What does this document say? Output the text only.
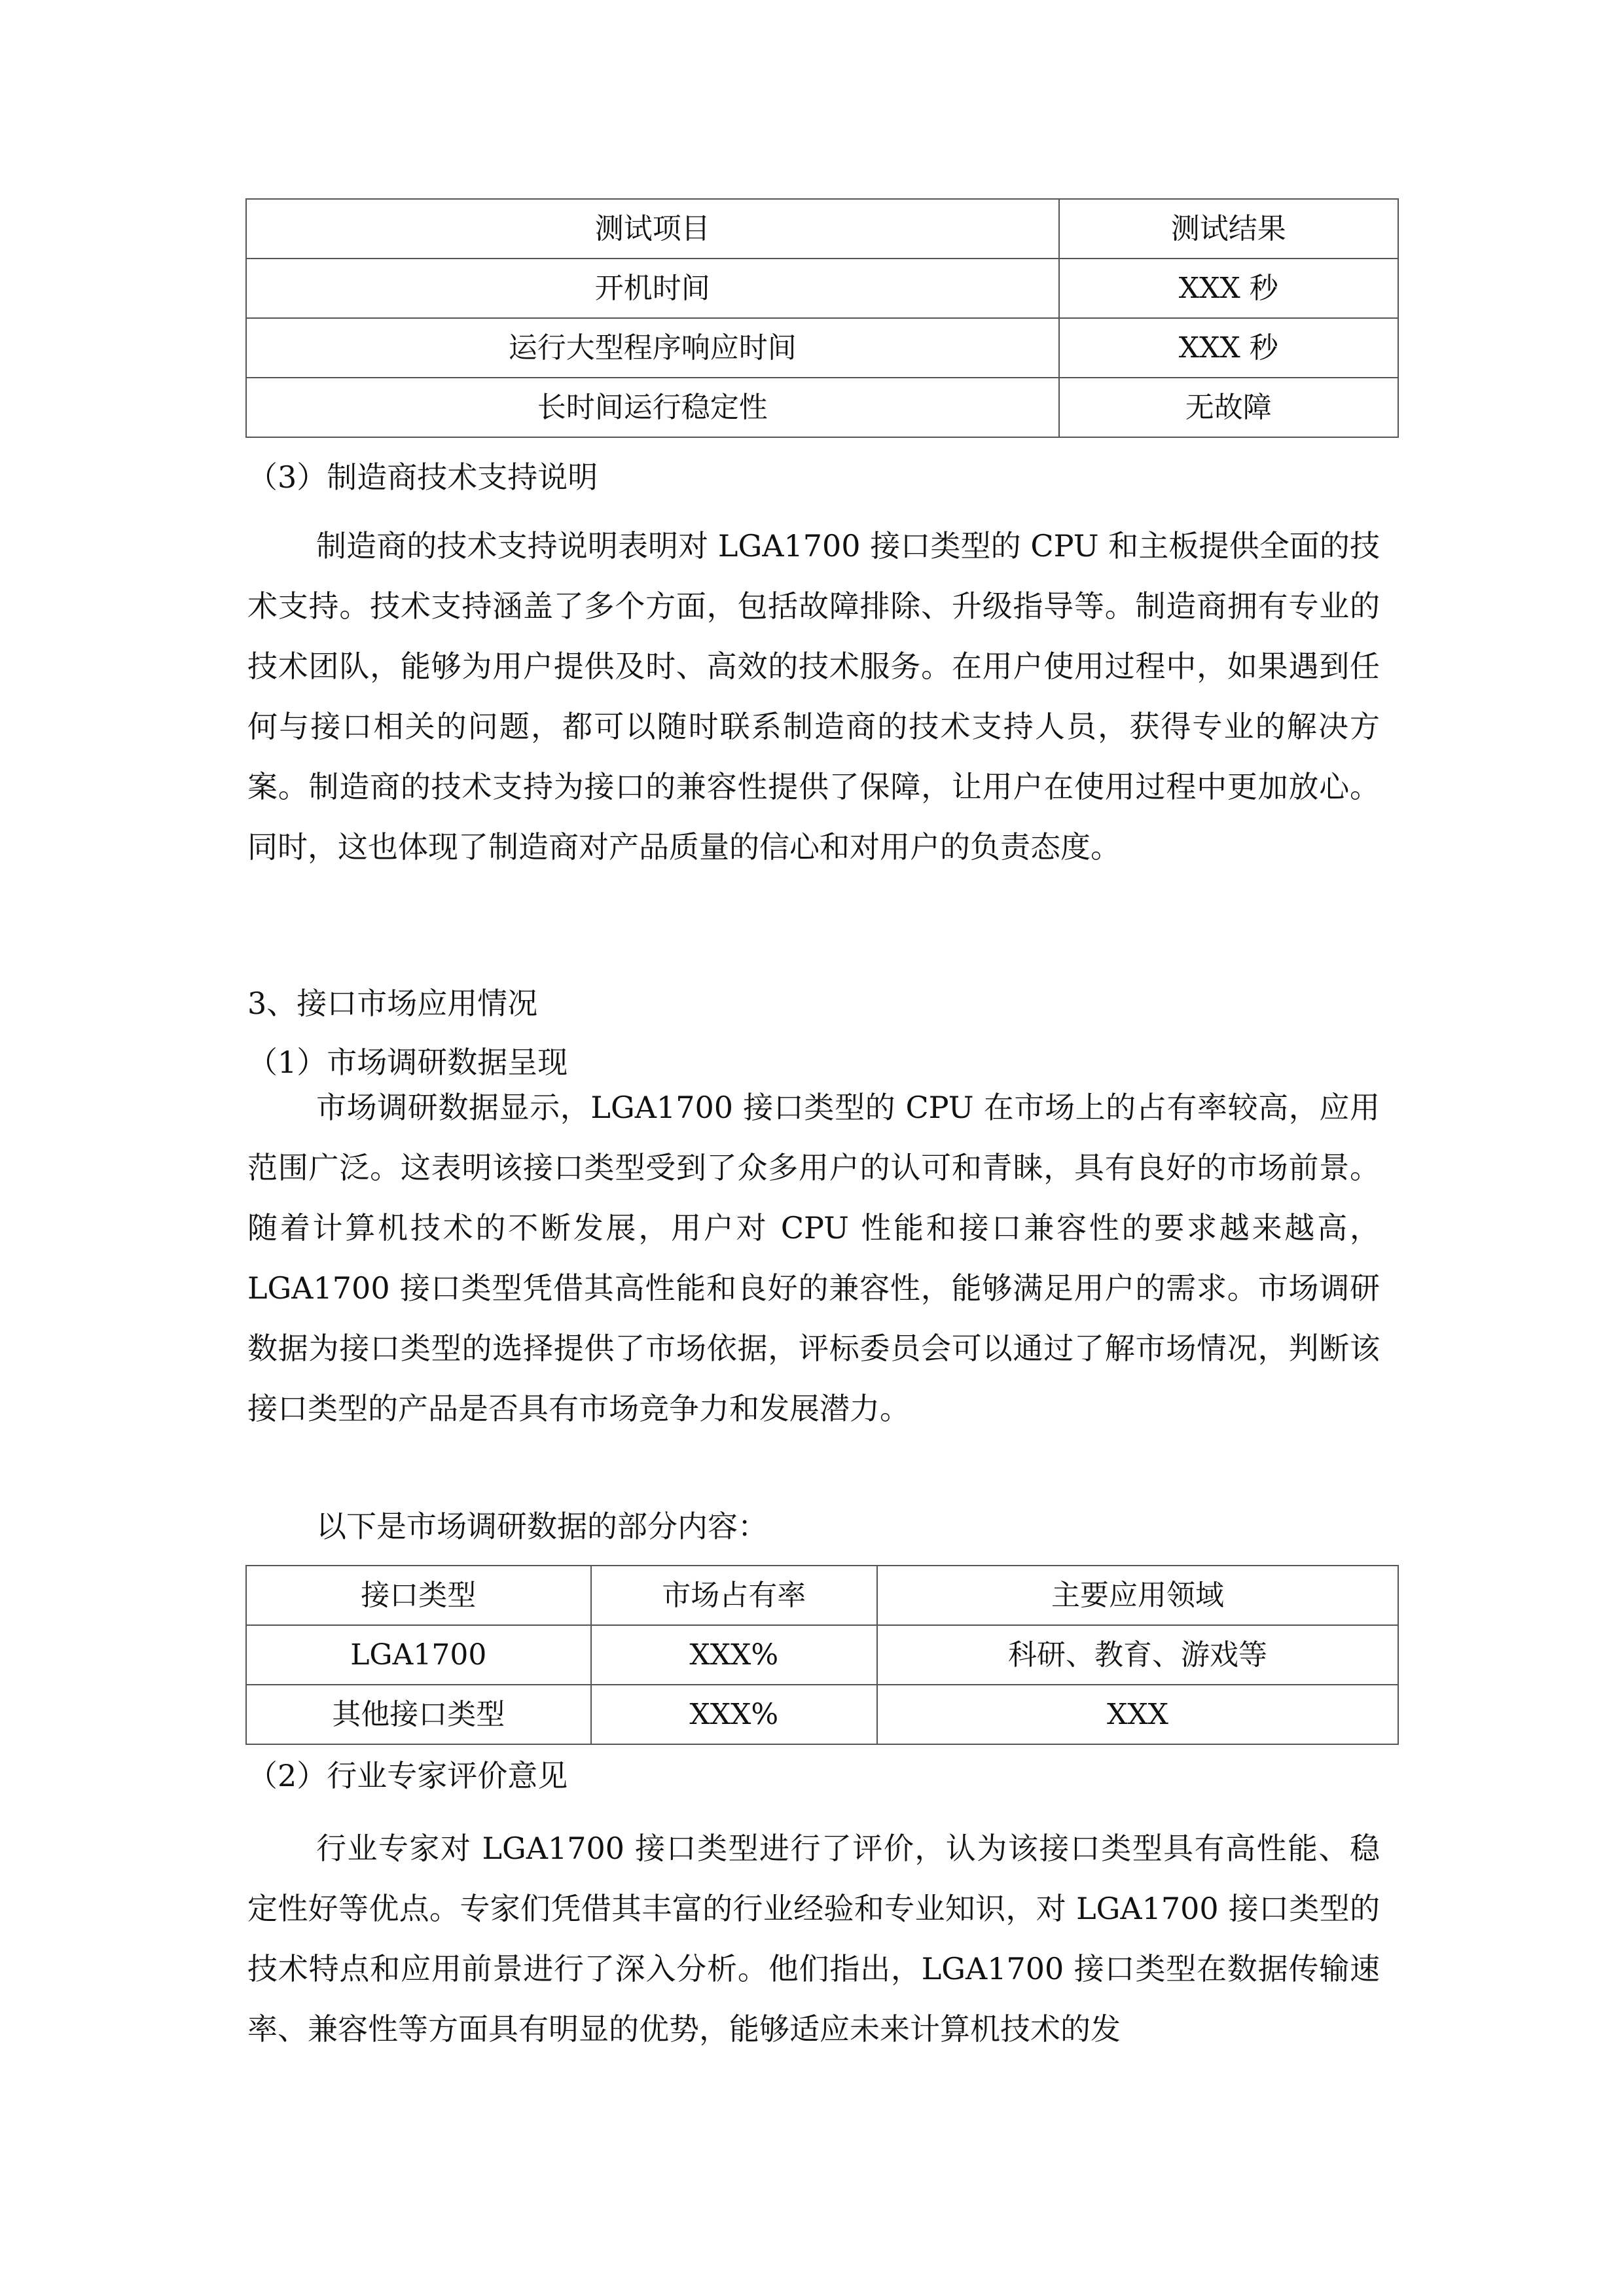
测试项目	测试结果
开机时间	XXX 秒
运行大型程序响应时间	XXX 秒
长时间运行稳定性	无故障
（3）制造商技术支持说明

制造商的技术支持说明表明对 LGA1700 接口类型的 CPU 和主板提供全面的技术支持。技术支持涵盖了多个方面，包括故障排除、升级指导等。制造商拥有专业的技术团队，能够为用户提供及时、高效的技术服务。在用户使用过程中，如果遇到任何与接口相关的问题，都可以随时联系制造商的技术支持人员，获得专业的解决方案。制造商的技术支持为接口的兼容性提供了保障，让用户在使用过程中更加放心。同时，这也体现了制造商对产品质量的信心和对用户的负责态度。

3、接口市场应用情况
（1）市场调研数据呈现

市场调研数据显示，LGA1700 接口类型的 CPU 在市场上的占有率较高，应用范围广泛。这表明该接口类型受到了众多用户的认可和青睐，具有良好的市场前景。随着计算机技术的不断发展，用户对 CPU 性能和接口兼容性的要求越来越高，LGA1700 接口类型凭借其高性能和良好的兼容性，能够满足用户的需求。市场调研数据为接口类型的选择提供了市场依据，评标委员会可以通过了解市场情况，判断该接口类型的产品是否具有市场竞争力和发展潜力。

以下是市场调研数据的部分内容：
接口类型	市场占有率	主要应用领域
LGA1700	XXX%	科研、教育、游戏等
其他接口类型	XXX%	XXX
（2）行业专家评价意见

行业专家对 LGA1700 接口类型进行了评价，认为该接口类型具有高性能、稳定性好等优点。专家们凭借其丰富的行业经验和专业知识，对 LGA1700 接口类型的技术特点和应用前景进行了深入分析。他们指出，LGA1700 接口类型在数据传输速率、兼容性等方面具有明显的优势，能够适应未来计算机技术的发
